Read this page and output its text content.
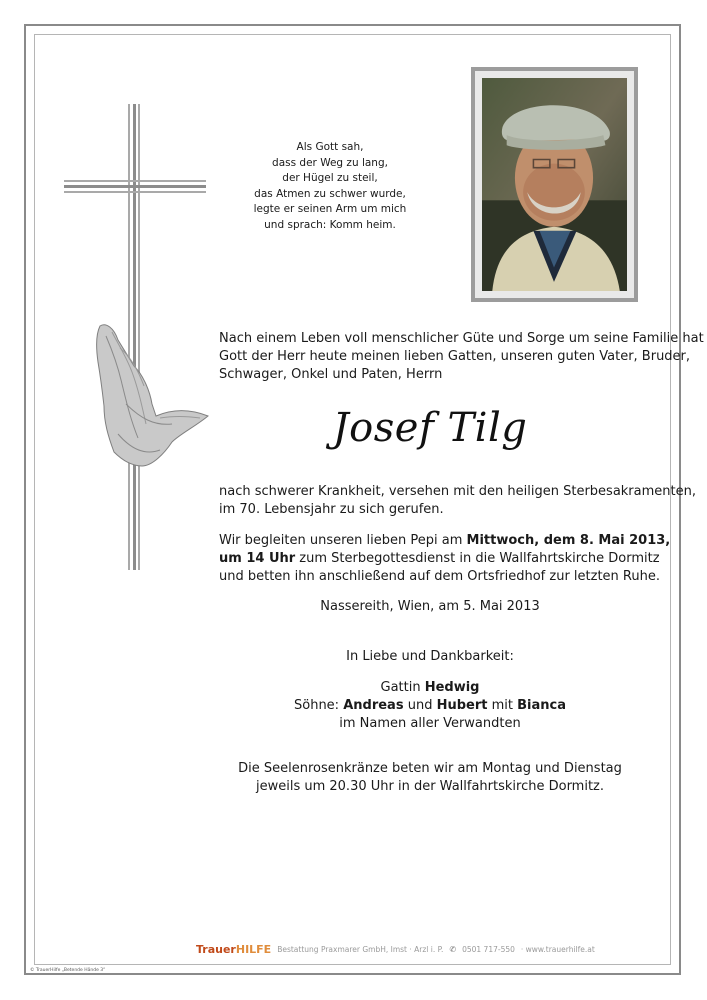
Als Gott sah,
dass der Weg zu lang,
der Hügel zu steil,
das Atmen zu schwer wurde,
legte er seinen Arm um mich
und sprach: Komm heim.
Nach einem Leben voll menschlicher Güte und Sorge um seine Familie hat
Gott der Herr heute meinen lieben Gatten, unseren guten Vater, Bruder,
Schwager, Onkel und Paten, Herrn
Josef Tilg
nach schwerer Krankheit, versehen mit den heiligen Sterbesakramenten,
im 70. Lebensjahr zu sich gerufen.
Wir begleiten unseren lieben Pepi am Mittwoch, dem 8. Mai 2013,
um 14 Uhr zum Sterbegottesdienst in die Wallfahrtskirche Dormitz
und betten ihn anschließend auf dem Ortsfriedhof zur letzten Ruhe.
Nassereith, Wien, am 5. Mai 2013
In Liebe und Dankbarkeit:
Gattin Hedwig
Söhne: Andreas und Hubert mit Bianca
im Namen aller Verwandten
Die Seelenrosenkränze beten wir am Montag und Dienstag
jeweils um 20.30 Uhr in der Wallfahrtskirche Dormitz.
TrauerHILFE Bestattung Praxmarer GmbH, Imst · Arzl i. P. ✆ 0501 717-550 · www.trauerhilfe.at
© TrauerHilfe „Betende Hände 3“
